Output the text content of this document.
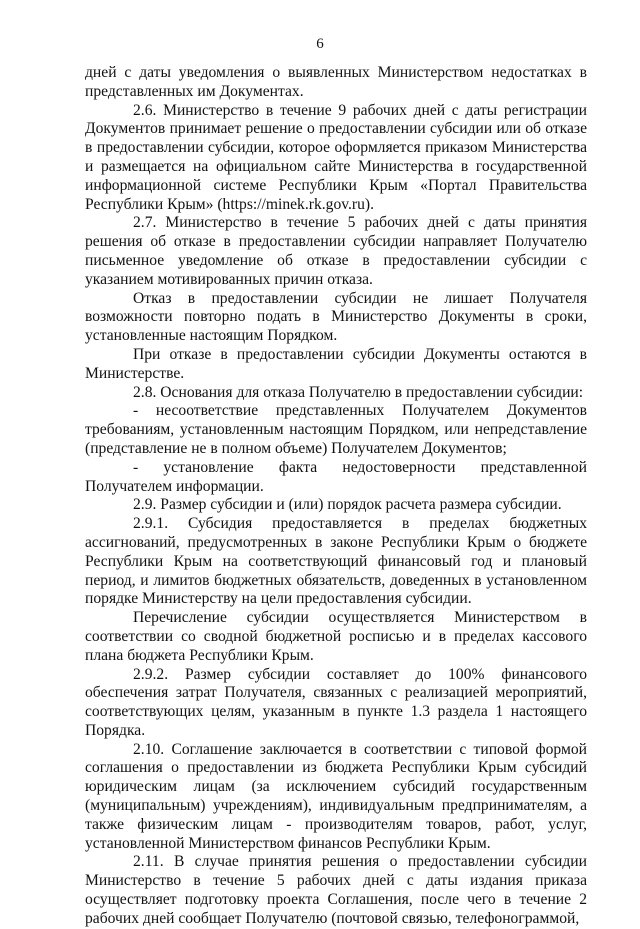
6

дней с даты уведомления о выявленных Министерством недостатках в представленных им Документах.

2.6. Министерство в течение 9 рабочих дней с даты регистрации Документов принимает решение о предоставлении субсидии или об отказе в предоставлении субсидии, которое оформляется приказом Министерства и размещается на официальном сайте Министерства в государственной информационной системе Республики Крым «Портал Правительства Республики Крым» (https://minek.rk.gov.ru).

2.7. Министерство в течение 5 рабочих дней с даты принятия решения об отказе в предоставлении субсидии направляет Получателю письменное уведомление об отказе в предоставлении субсидии с указанием мотивированных причин отказа.

Отказ в предоставлении субсидии не лишает Получателя возможности повторно подать в Министерство Документы в сроки, установленные настоящим Порядком.

При отказе в предоставлении субсидии Документы остаются в Министерстве.

2.8. Основания для отказа Получателю в предоставлении субсидии:

- несоответствие представленных Получателем Документов требованиям, установленным настоящим Порядком, или непредставление (представление не в полном объеме) Получателем Документов;

- установление факта недостоверности представленной Получателем информации.

2.9. Размер субсидии и (или) порядок расчета размера субсидии.

2.9.1. Субсидия предоставляется в пределах бюджетных ассигнований, предусмотренных в законе Республики Крым о бюджете Республики Крым на соответствующий финансовый год и плановый период, и лимитов бюджетных обязательств, доведенных в установленном порядке Министерству на цели предоставления субсидии.

Перечисление субсидии осуществляется Министерством в соответствии со сводной бюджетной росписью и в пределах кассового плана бюджета Республики Крым.

2.9.2. Размер субсидии составляет до 100% финансового обеспечения затрат Получателя, связанных с реализацией мероприятий, соответствующих целям, указанным в пункте 1.3 раздела 1 настоящего Порядка.

2.10. Соглашение заключается в соответствии с типовой формой соглашения о предоставлении из бюджета Республики Крым субсидий юридическим лицам (за исключением субсидий государственным (муниципальным) учреждениям), индивидуальным предпринимателям, а также физическим лицам - производителям товаров, работ, услуг, установленной Министерством финансов Республики Крым.

2.11. В случае принятия решения о предоставлении субсидии Министерство в течение 5 рабочих дней с даты издания приказа осуществляет подготовку проекта Соглашения, после чего в течение 2 рабочих дней сообщает Получателю (почтовой связью, телефонограммой,
